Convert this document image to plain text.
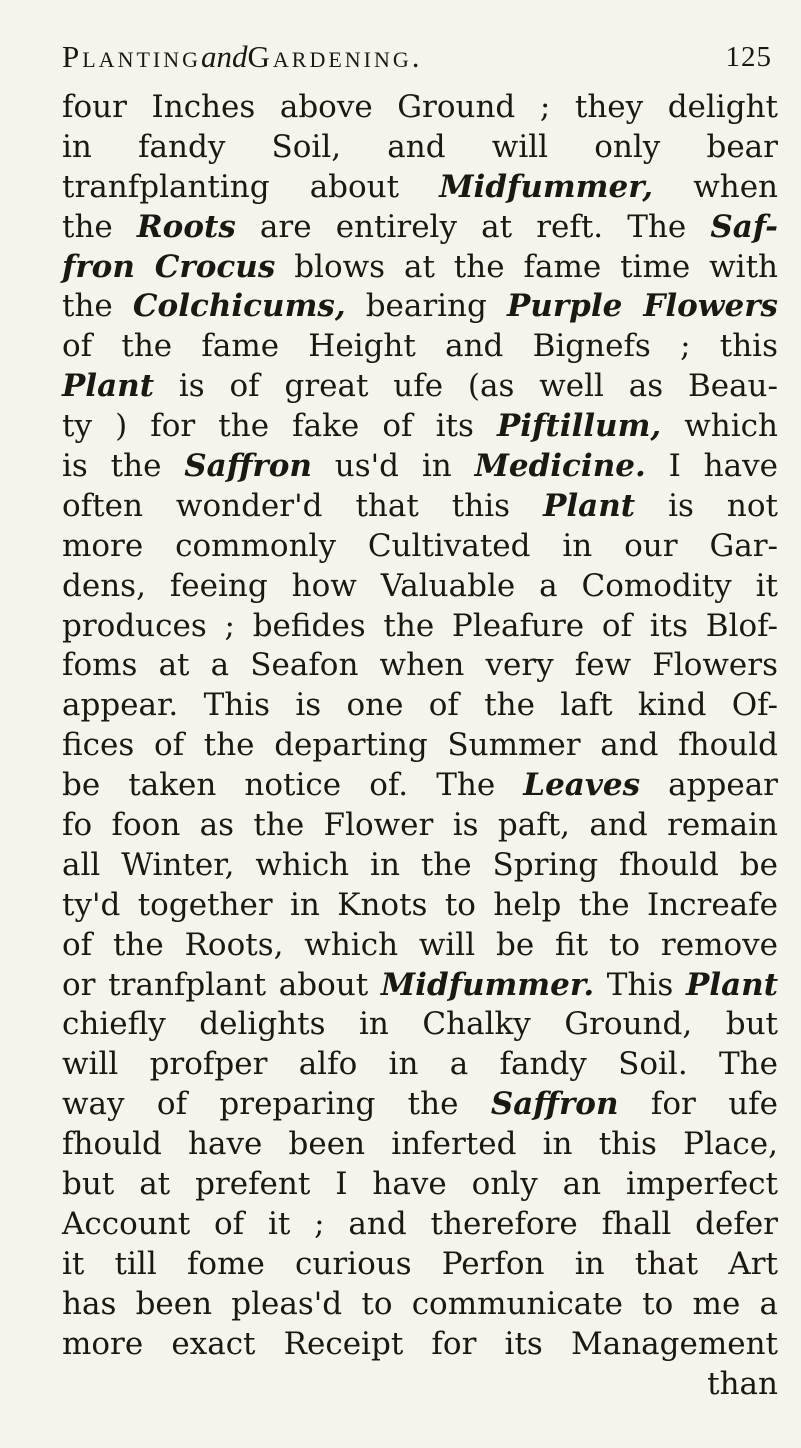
PlantingandGardening.	125
four Inches above Ground ; they delight
in fandy Soil, and will only bear
tranfplanting about Midfummer, when
the Roots are entirely at reft. The Saf-
fron Crocus blows at the fame time with
the Colchicums, bearing Purple Flowers
of the fame Height and Bignefs ; this
Plant is of great ufe (as well as Beau-
ty ) for the fake of its Piftillum, which
is the Saffron us'd in Medicine. I have
often wonder'd that this Plant is not
more commonly Cultivated in our Gar-
dens, feeing how Valuable a Comodity it
produces ; befides the Pleafure of its Blof-
foms at a Seafon when very few Flowers
appear. This is one of the laft kind Of-
fices of the departing Summer and fhould
be taken notice of. The Leaves appear
fo foon as the Flower is paft, and remain
all Winter, which in the Spring fhould be
ty'd together in Knots to help the Increafe
of the Roots, which will be fit to remove
or tranfplant about Midfummer. This Plant
chiefly delights in Chalky Ground, but
will profper alfo in a fandy Soil. The
way of preparing the Saffron for ufe
fhould have been inferted in this Place,
but at prefent I have only an imperfect
Account of it ; and therefore fhall defer
it till fome curious Perfon in that Art
has been pleas'd to communicate to me a
more exact Receipt for its Management
than
